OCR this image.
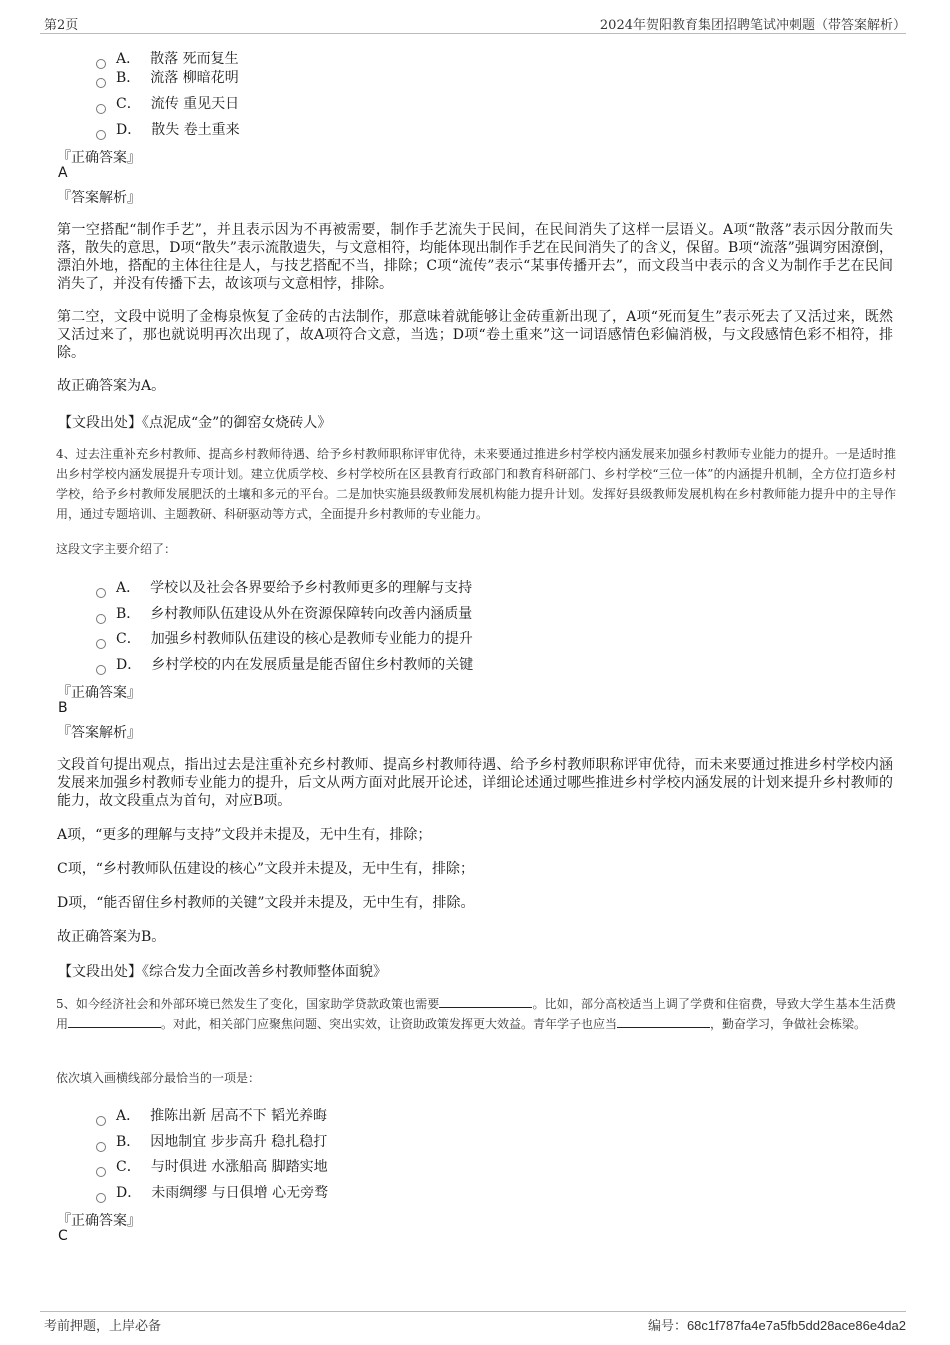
第2页	2024年贺阳教育集团招聘笔试冲刺题（带答案解析）
A． 散落 死而复生
B． 流落 柳暗花明
C． 流传 重见天日
D． 散失 卷土重来
『正确答案』
A
『答案解析』
第一空搭配“制作手艺”，并且表示因为不再被需要，制作手艺流失于民间，在民间消失了这样一层语义。A项“散落”表示因分散而失落，散失的意思，D项“散失”表示流散遗失，与文意相符，均能体现出制作手艺在民间消失了的含义，保留。B项“流落”强调穷困潦倒，漂泊外地，搭配的主体往往是人，与技艺搭配不当，排除；C项“流传”表示“某事传播开去”，而文段当中表示的含义为制作手艺在民间消失了，并没有传播下去，故该项与文意相悖，排除。
第二空，文段中说明了金梅泉恢复了金砖的古法制作，那意味着就能够让金砖重新出现了，A项“死而复生”表示死去了又活过来，既然又活过来了，那也就说明再次出现了，故A项符合文意，当选；D项“卷土重来”这一词语感情色彩偏消极，与文段感情色彩不相符，排除。
故正确答案为A。
【文段出处】《点泥成“金”的御窑女烧砖人》
4、过去注重补充乡村教师、提高乡村教师待遇、给予乡村教师职称评审优待，未来要通过推进乡村学校内涵发展来加强乡村教师专业能力的提升。一是适时推出乡村学校内涵发展提升专项计划。建立优质学校、乡村学校所在区县教育行政部门和教育科研部门、乡村学校“三位一体”的内涵提升机制，全方位打造乡村学校，给予乡村教师发展肥沃的土壤和多元的平台。二是加快实施县级教师发展机构能力提升计划。发挥好县级教师发展机构在乡村教师能力提升中的主导作用，通过专题培训、主题教研、科研驱动等方式，全面提升乡村教师的专业能力。
这段文字主要介绍了：
A． 学校以及社会各界要给予乡村教师更多的理解与支持
B． 乡村教师队伍建设从外在资源保障转向改善内涵质量
C． 加强乡村教师队伍建设的核心是教师专业能力的提升
D． 乡村学校的内在发展质量是能否留住乡村教师的关键
『正确答案』
B
『答案解析』
文段首句提出观点，指出过去是注重补充乡村教师、提高乡村教师待遇、给予乡村教师职称评审优待，而未来要通过推进乡村学校内涵发展来加强乡村教师专业能力的提升，后文从两方面对此展开论述，详细论述通过哪些推进乡村学校内涵发展的计划来提升乡村教师的能力，故文段重点为首句，对应B项。
A项，“更多的理解与支持”文段并未提及，无中生有，排除；
C项，“乡村教师队伍建设的核心”文段并未提及，无中生有，排除；
D项，“能否留住乡村教师的关键”文段并未提及，无中生有，排除。
故正确答案为B。
【文段出处】《综合发力全面改善乡村教师整体面貌》
5、如今经济社会和外部环境已然发生了变化，国家助学贷款政策也需要	。比如，部分高校适当上调了学费和住宿费，导致大学生基本生活费用	。对此，相关部门应聚焦问题、突出实效，让资助政策发挥更大效益。青年学子也应当	，勤奋学习，争做社会栋梁。
依次填入画横线部分最恰当的一项是：
A． 推陈出新 居高不下 韬光养晦
B． 因地制宜 步步高升 稳扎稳打
C． 与时俱进 水涨船高 脚踏实地
D． 未雨绸缪 与日俱增 心无旁骛
『正确答案』
C
考前押题，上岸必备	编号：68c1f787fa4e7a5fb5dd28ace86e4da2
